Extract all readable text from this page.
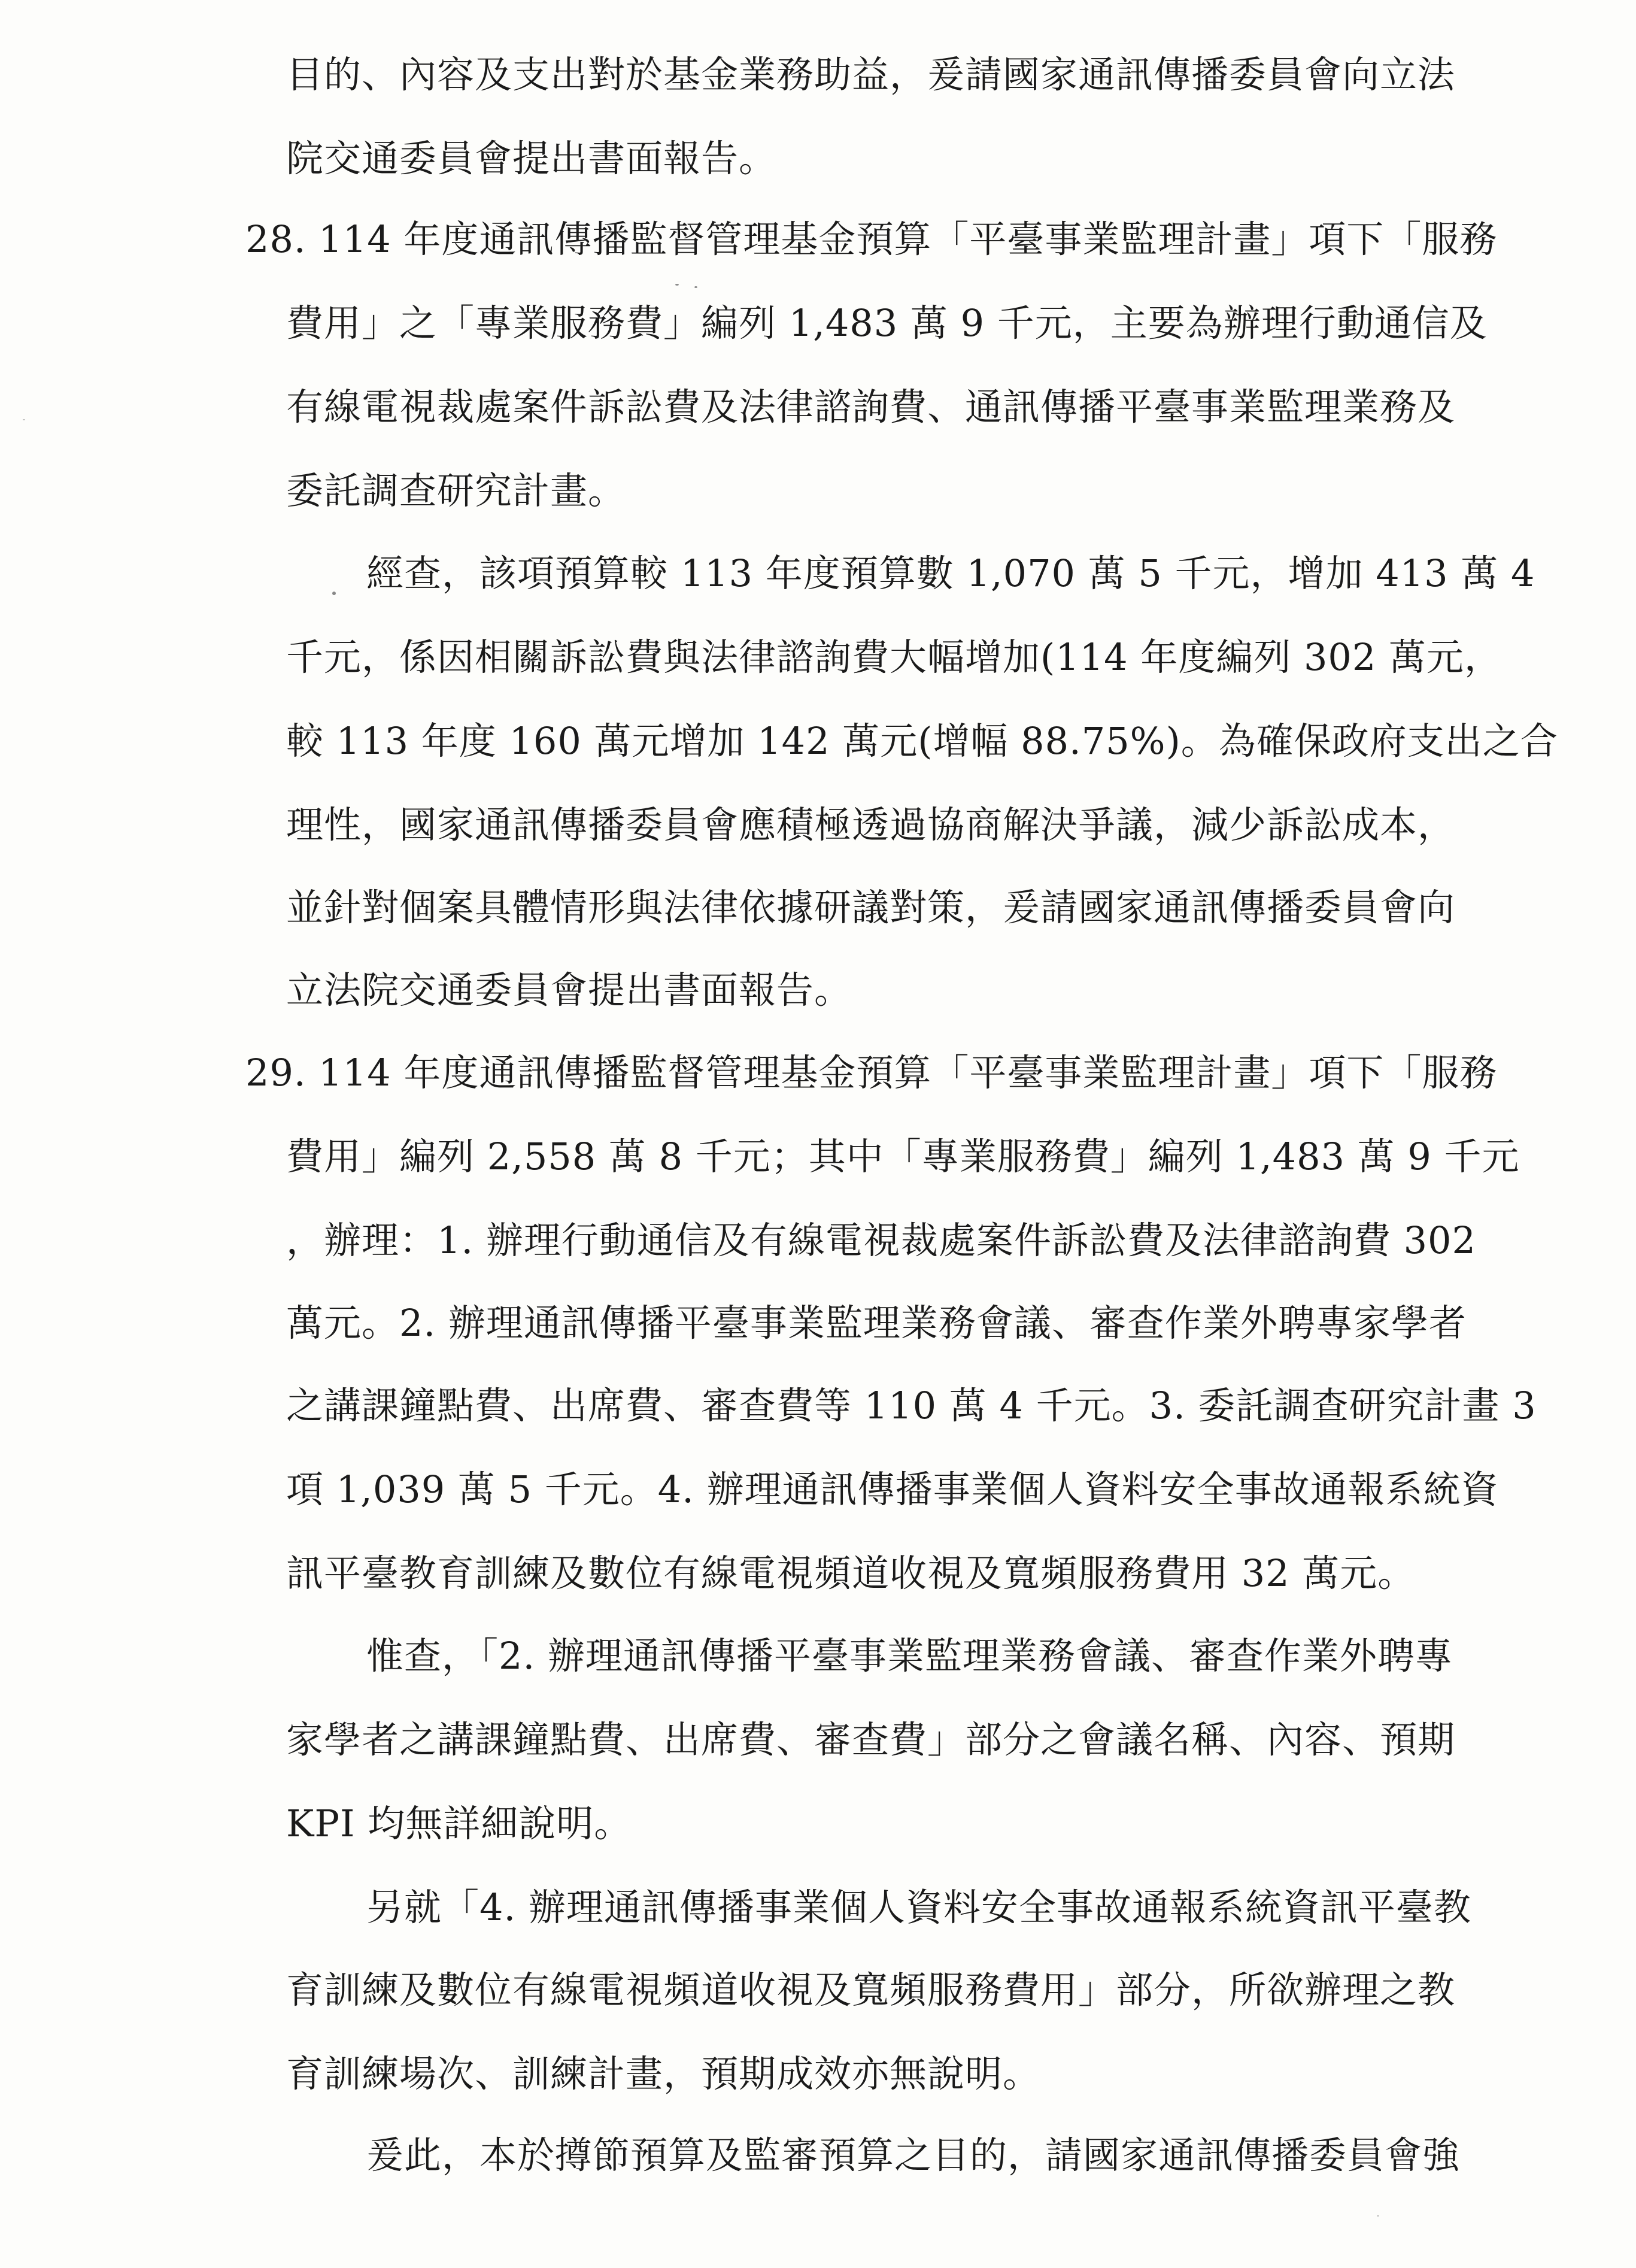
目的、內容及支出對於基金業務助益，爰請國家通訊傳播委員會向立法
院交通委員會提出書面報告。
28. 114 年度通訊傳播監督管理基金預算「平臺事業監理計畫」項下「服務
費用」之「專業服務費」編列 1,483 萬 9 千元，主要為辦理行動通信及
有線電視裁處案件訴訟費及法律諮詢費、通訊傳播平臺事業監理業務及
委託調查研究計畫。
經查，該項預算較 113 年度預算數 1,070 萬 5 千元，增加 413 萬 4
千元，係因相關訴訟費與法律諮詢費大幅增加(114 年度編列 302 萬元，
較 113 年度 160 萬元增加 142 萬元(增幅 88.75%)。為確保政府支出之合
理性，國家通訊傳播委員會應積極透過協商解決爭議，減少訴訟成本，
並針對個案具體情形與法律依據研議對策，爰請國家通訊傳播委員會向
立法院交通委員會提出書面報告。
29. 114 年度通訊傳播監督管理基金預算「平臺事業監理計畫」項下「服務
費用」編列 2,558 萬 8 千元；其中「專業服務費」編列 1,483 萬 9 千元
，辦理：1. 辦理行動通信及有線電視裁處案件訴訟費及法律諮詢費 302
萬元。2. 辦理通訊傳播平臺事業監理業務會議、審查作業外聘專家學者
之講課鐘點費、出席費、審查費等 110 萬 4 千元。3. 委託調查研究計畫 3
項 1,039 萬 5 千元。4. 辦理通訊傳播事業個人資料安全事故通報系統資
訊平臺教育訓練及數位有線電視頻道收視及寬頻服務費用 32 萬元。
惟查，「2. 辦理通訊傳播平臺事業監理業務會議、審查作業外聘專
家學者之講課鐘點費、出席費、審查費」部分之會議名稱、內容、預期
KPI 均無詳細說明。
另就「4. 辦理通訊傳播事業個人資料安全事故通報系統資訊平臺教
育訓練及數位有線電視頻道收視及寬頻服務費用」部分，所欲辦理之教
育訓練場次、訓練計畫，預期成效亦無說明。
爰此，本於撙節預算及監審預算之目的，請國家通訊傳播委員會強
